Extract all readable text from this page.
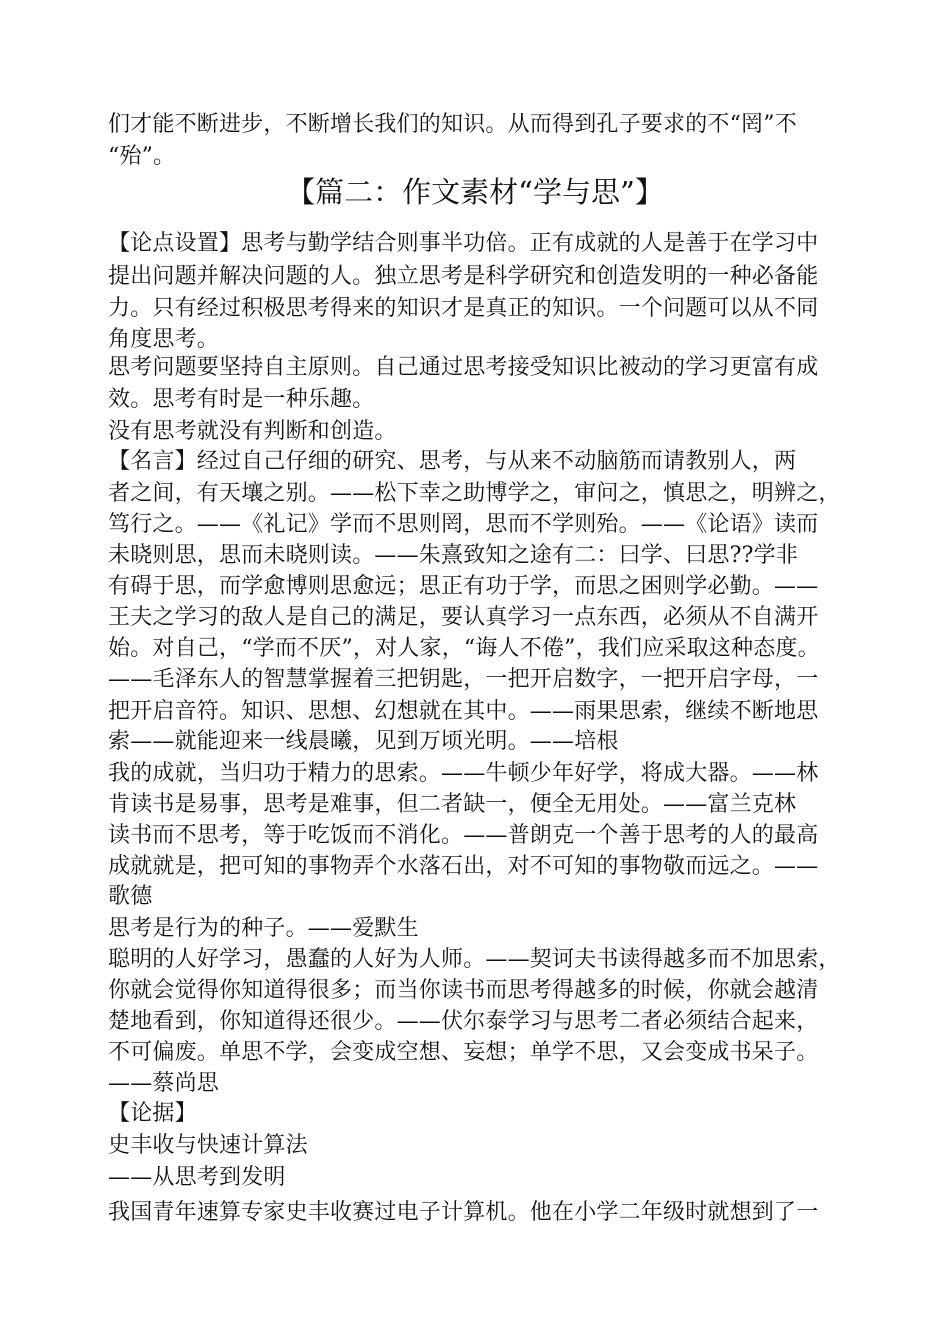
们才能不断进步，不断增长我们的知识。从而得到孔子要求的不“罔”不
“殆”。
【篇二：作文素材“学与思”】
【论点设置】思考与勤学结合则事半功倍。正有成就的人是善于在学习中
提出问题并解决问题的人。独立思考是科学研究和创造发明的一种必备能
力。只有经过积极思考得来的知识才是真正的知识。一个问题可以从不同
角度思考。
思考问题要坚持自主原则。自己通过思考接受知识比被动的学习更富有成
效。思考有时是一种乐趣。
没有思考就没有判断和创造。
【名言】经过自己仔细的研究、思考，与从来不动脑筋而请教别人，两
者之间，有天壤之别。——松下幸之助博学之，审问之，慎思之，明辨之，
笃行之。——《礼记》学而不思则罔，思而不学则殆。——《论语》读而
未晓则思，思而未晓则读。——朱熹致知之途有二：曰学、曰思??学非
有碍于思，而学愈博则思愈远；思正有功于学，而思之困则学必勤。——
王夫之学习的敌人是自己的满足，要认真学习一点东西，必须从不自满开
始。对自己，“学而不厌”，对人家，“诲人不倦”，我们应采取这种态度。
——毛泽东人的智慧掌握着三把钥匙，一把开启数字，一把开启字母，一
把开启音符。知识、思想、幻想就在其中。——雨果思索，继续不断地思
索——就能迎来一线晨曦，见到万顷光明。——培根
我的成就，当归功于精力的思索。——牛顿少年好学，将成大器。——林
肯读书是易事，思考是难事，但二者缺一，便全无用处。——富兰克林
读书而不思考，等于吃饭而不消化。——普朗克一个善于思考的人的最高
成就就是，把可知的事物弄个水落石出，对不可知的事物敬而远之。——
歌德
思考是行为的种子。——爱默生
聪明的人好学习，愚蠢的人好为人师。——契诃夫书读得越多而不加思索，
你就会觉得你知道得很多；而当你读书而思考得越多的时候，你就会越清
楚地看到，你知道得还很少。——伏尔泰学习与思考二者必须结合起来，
不可偏废。单思不学，会变成空想、妄想；单学不思，又会变成书呆子。
——蔡尚思
【论据】
史丰收与快速计算法
——从思考到发明
我国青年速算专家史丰收赛过电子计算机。他在小学二年级时就想到了一
